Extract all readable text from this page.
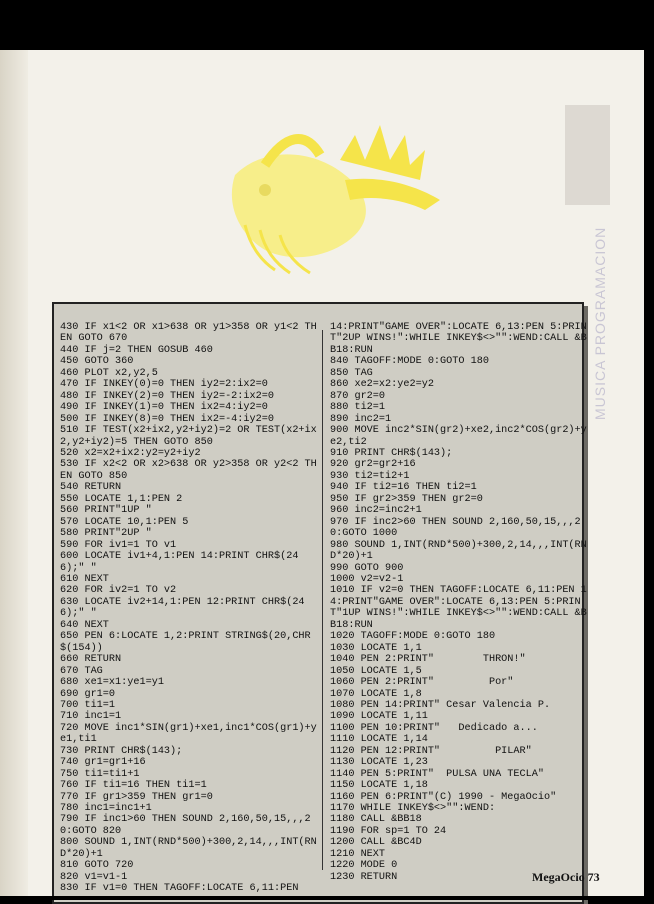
MUSICA PROGRAMACION
430 IF x1<2 OR x1>638 OR y1>358 OR y1<2 THEN GOTO 670
440 IF j=2 THEN GOSUB 460
450 GOTO 360
460 PLOT x2,y2,5
470 IF INKEY(0)=0 THEN iy2=2:ix2=0
480 IF INKEY(2)=0 THEN iy2=-2:ix2=0
490 IF INKEY(1)=0 THEN ix2=4:iy2=0
500 IF INKEY(8)=0 THEN ix2=-4:iy2=0
510 IF TEST(x2+ix2,y2+iy2)=2 OR TEST(x2+ix2,y2+iy2)=5 THEN GOTO 850
520 x2=x2+ix2:y2=y2+iy2
530 IF x2<2 OR x2>638 OR y2>358 OR y2<2 THEN GOTO 850
540 RETURN
550 LOCATE 1,1:PEN 2
560 PRINT"1UP "
570 LOCATE 10,1:PEN 5
580 PRINT"2UP "
590 FOR iv1=1 TO v1
600 LOCATE iv1+4,1:PEN 14:PRINT CHR$(246);" "
610 NEXT
620 FOR iv2=1 TO v2
630 LOCATE iv2+14,1:PEN 12:PRINT CHR$(246);" "
640 NEXT
650 PEN 6:LOCATE 1,2:PRINT STRING$(20,CHR$(154))
660 RETURN
670 TAG
680 xe1=x1:ye1=y1
690 gr1=0
700 ti1=1
710 inc1=1
720 MOVE inc1*SIN(gr1)+xe1,inc1*COS(gr1)+ye1,ti1
730 PRINT CHR$(143);
740 gr1=gr1+16
750 ti1=ti1+1
760 IF ti1=16 THEN ti1=1
770 IF gr1>359 THEN gr1=0
780 inc1=inc1+1
790 IF inc1>60 THEN SOUND 2,160,50,15,,,20:GOTO 820
800 SOUND 1,INT(RND*500)+300,2,14,,,INT(RND*20)+1
810 GOTO 720
820 v1=v1-1
830 IF v1=0 THEN TAGOFF:LOCATE 6,11:PEN
14:PRINT"GAME OVER":LOCATE 6,13:PEN 5:PRINT"2UP WINS!":WHILE INKEY$<>"":WEND:CALL &BB18:RUN
840 TAGOFF:MODE 0:GOTO 180
850 TAG
860 xe2=x2:ye2=y2
870 gr2=0
880 ti2=1
890 inc2=1
900 MOVE inc2*SIN(gr2)+xe2,inc2*COS(gr2)+ye2,ti2
910 PRINT CHR$(143);
920 gr2=gr2+16
930 ti2=ti2+1
940 IF ti2=16 THEN ti2=1
950 IF gr2>359 THEN gr2=0
960 inc2=inc2+1
970 IF inc2>60 THEN SOUND 2,160,50,15,,,20:GOTO 1000
980 SOUND 1,INT(RND*500)+300,2,14,,,INT(RND*20)+1
990 GOTO 900
1000 v2=v2-1
1010 IF v2=0 THEN TAGOFF:LOCATE 6,11:PEN 14:PRINT"GAME OVER":LOCATE 6,13:PEN 5:PRINT"1UP WINS!":WHILE INKEY$<>"":WEND:CALL &BB18:RUN
1020 TAGOFF:MODE 0:GOTO 180
1030 LOCATE 1,1
1040 PEN 2:PRINT"        THRON!"
1050 LOCATE 1,5
1060 PEN 2:PRINT"         Por"
1070 LOCATE 1,8
1080 PEN 14:PRINT" Cesar Valencia P.
1090 LOCATE 1,11
1100 PEN 10:PRINT"   Dedicado a...
1110 LOCATE 1,14
1120 PEN 12:PRINT"         PILAR"
1130 LOCATE 1,23
1140 PEN 5:PRINT"  PULSA UNA TECLA"
1150 LOCATE 1,18
1160 PEN 6:PRINT"(C) 1990 - MegaOcio"
1170 WHILE INKEY$<>"":WEND:
1180 CALL &BB18
1190 FOR sp=1 TO 24
1200 CALL &BC4D
1210 NEXT
1220 MODE 0
1230 RETURN	MegaOcio 73
